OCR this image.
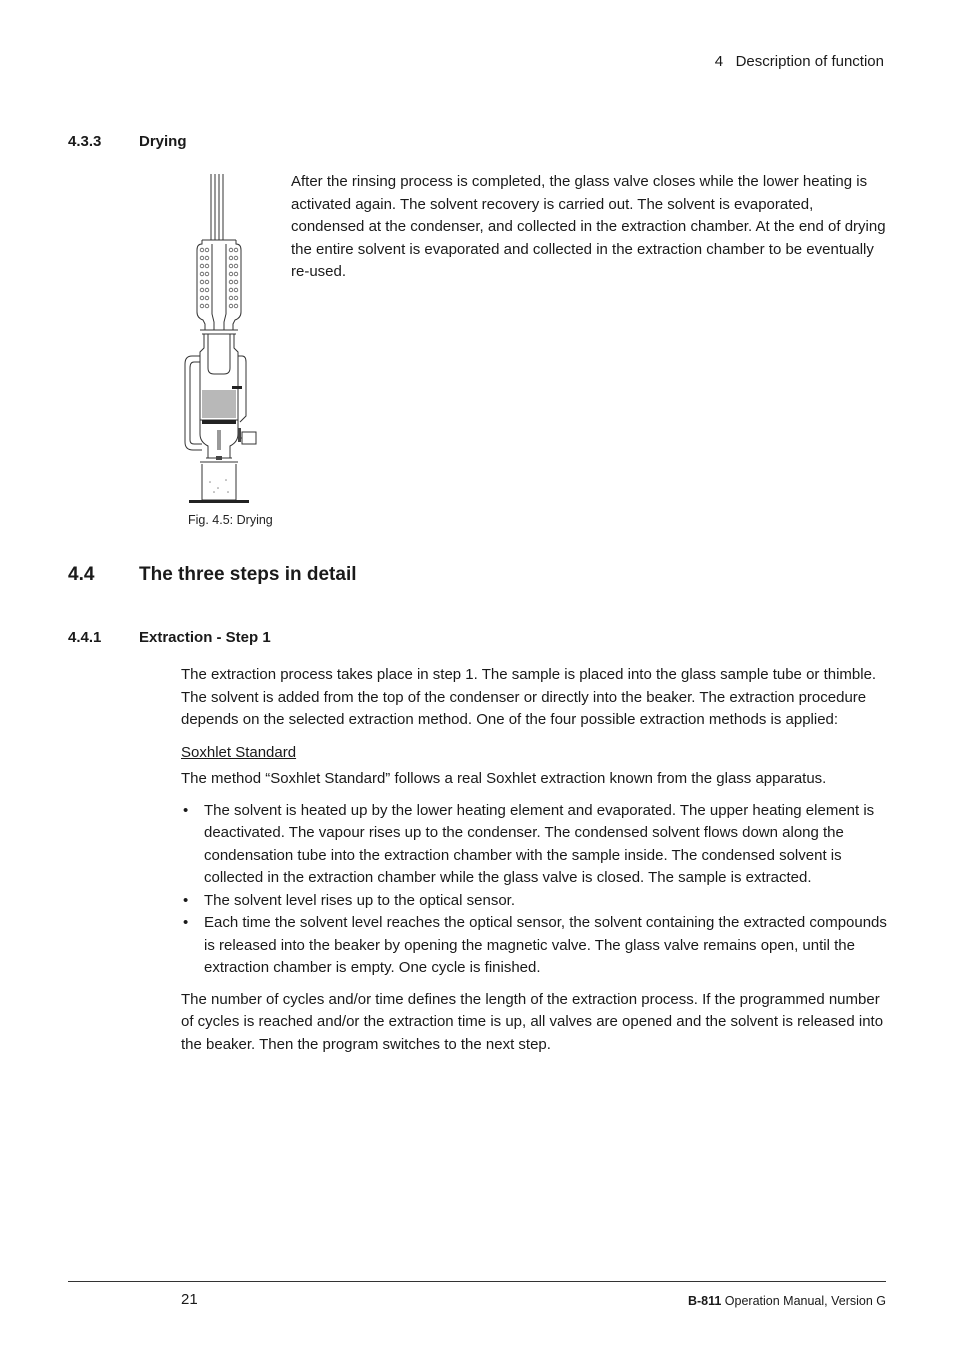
4   Description of function
4.3.3	Drying
Fig. 4.5: Drying

After the rinsing process is completed, the glass valve closes while the lower heating is activated again. The solvent recovery is carried out. The solvent is evaporated, condensed at the condenser, and collected in the extraction chamber. At the end of drying the entire solvent is evaporated and collected in the extraction chamber to be eventually re-used.

4.4 The three steps in detail
4.4.1	Extraction - Step 1

The extraction process takes place in step 1. The sample is placed into the glass sample tube or thimble. The solvent is added from the top of the condenser or directly into the beaker. The extraction procedure depends on the selected extraction method. One of the four possible extraction methods is applied:

Soxhlet Standard

The method “Soxhlet Standard” follows a real Soxhlet extraction known from the glass apparatus.

• The solvent is heated up by the lower heating element and evaporated. The upper heating element is deactivated. The vapour rises up to the condenser. The condensed solvent flows down along the condensation tube into the extraction chamber with the sample inside. The condensed solvent is collected in the extraction chamber while the glass valve is closed. The sample is extracted.
• The solvent level rises up to the optical sensor.
• Each time the solvent level reaches the optical sensor, the solvent containing the extracted compounds is released into the beaker by opening the magnetic valve. The glass valve remains open, until the extraction chamber is empty. One cycle is finished.

The number of cycles and/or time defines the length of the extraction process. If the programmed number of cycles is reached and/or the extraction time is up, all valves are opened and the solvent is released into the beaker. Then the program switches to the next step.

21	B-811 Operation Manual, Version G
